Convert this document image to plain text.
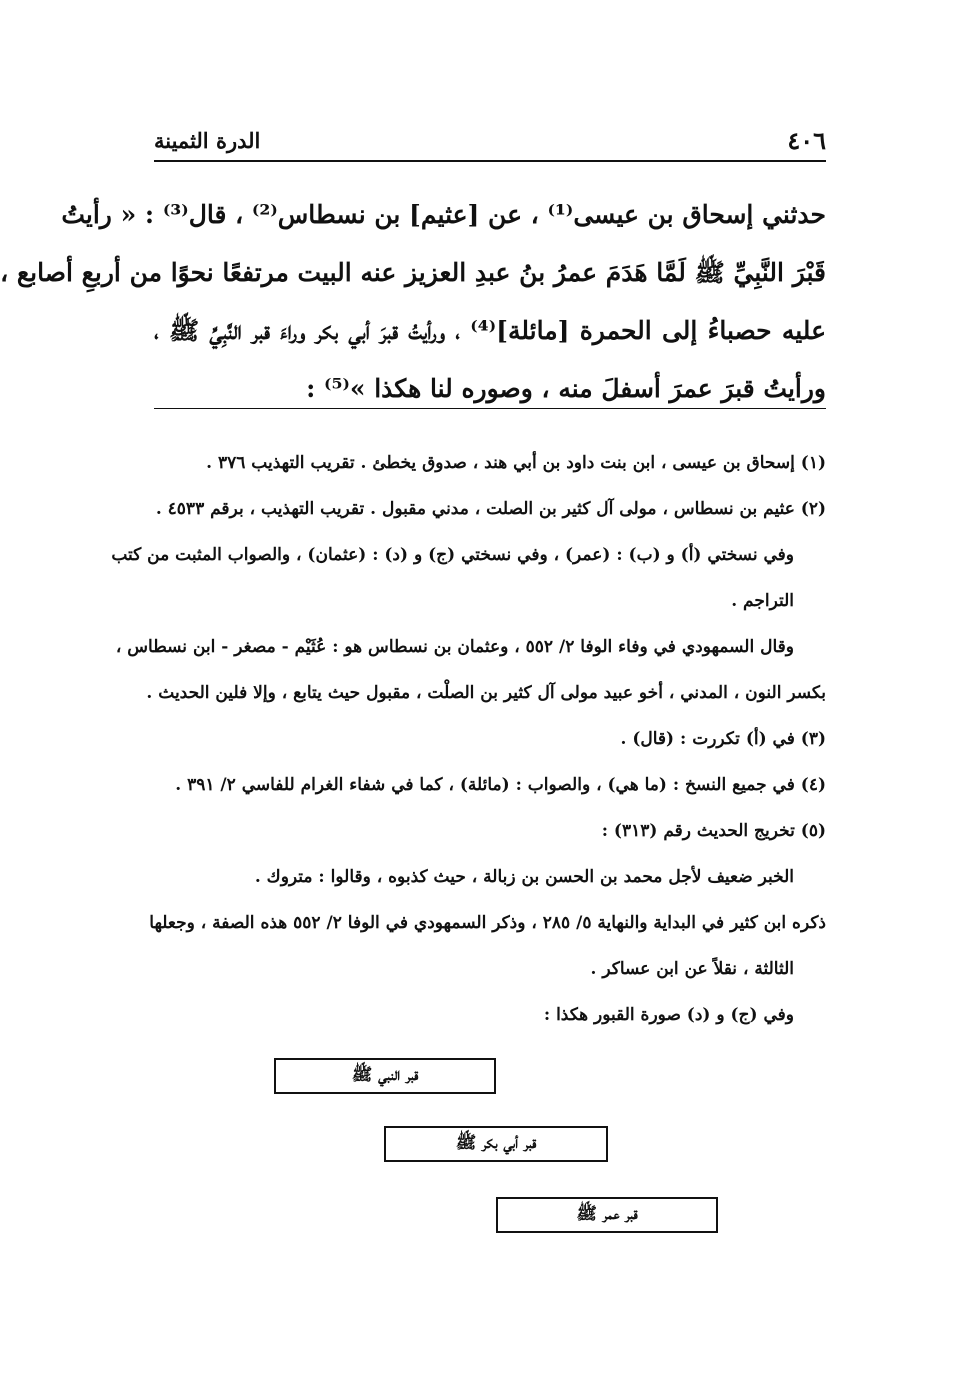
٤٠٦
الدرة الثمينة
حدثني إسحاق بن عيسى⁽¹⁾ ، عن [عثيم] بن نسطاس⁽²⁾ ، قال⁽³⁾ : « رأيتُ
قَبْرَ النَّبِيِّ ﷺ لَمَّا هَدَمَ عمرُ بنُ عبدِ العزيز عنه البيت مرتفعًا نحوًا من أربعِ أصابع ،
عليه حصباءُ إلى الحمرة [مائلة]⁽⁴⁾ ، ورأيتُ قبرَ أبي بكر وراءَ قبر النَّبِيِّ ﷺ ،
ورأيتُ قبرَ عمرَ أسفلَ منه ، وصوره لنا هكذا »⁽⁵⁾ :
(١) إسحاق بن عيسى ، ابن بنت داود بن أبي هند ، صدوق يخطئ . تقريب التهذيب ٣٧٦ .
(٢) عثيم بن نسطاس ، مولى آل كثير بن الصلت ، مدني مقبول . تقريب التهذيب ، برقم ٤٥٣٣ .
وفي نسختي (أ) و (ب) : (عمر) ، وفي نسختي (ج) و (د) : (عثمان) ، والصواب المثبت من كتب
التراجم .
وقال السمهودي في وفاء الوفا ٢/ ٥٥٢ ، وعثمان بن نسطاس هو : عُثَيْم - مصغر - ابن نسطاس ،
بكسر النون ، المدني ، أخو عبيد مولى آل كثير بن الصلْت ، مقبول حيث يتابع ، وإلا فلين الحديث .
(٣) في (أ) تكررت : (قال) .
(٤) في جميع النسخ : (ما هي) ، والصواب : (مائلة) ، كما في شفاء الغرام للفاسي ٢/ ٣٩١ .
(٥) تخريج الحديث رقم (٣١٣) :
الخبر ضعيف لأجل محمد بن الحسن بن زبالة ، حيث كذبوه ، وقالوا : متروك .
ذكره ابن كثير في البداية والنهاية ٥/ ٢٨٥ ، وذكر السمهودي في الوفا ٢/ ٥٥٢ هذه الصفة ، وجعلها
الثالثة ، نقلاً عن ابن عساكر .
وفي (ج) و (د) صورة القبور هكذا :
قبر النبي ﷺ
قبر أبي بكر ﷺ
قبر عمر ﷺ
